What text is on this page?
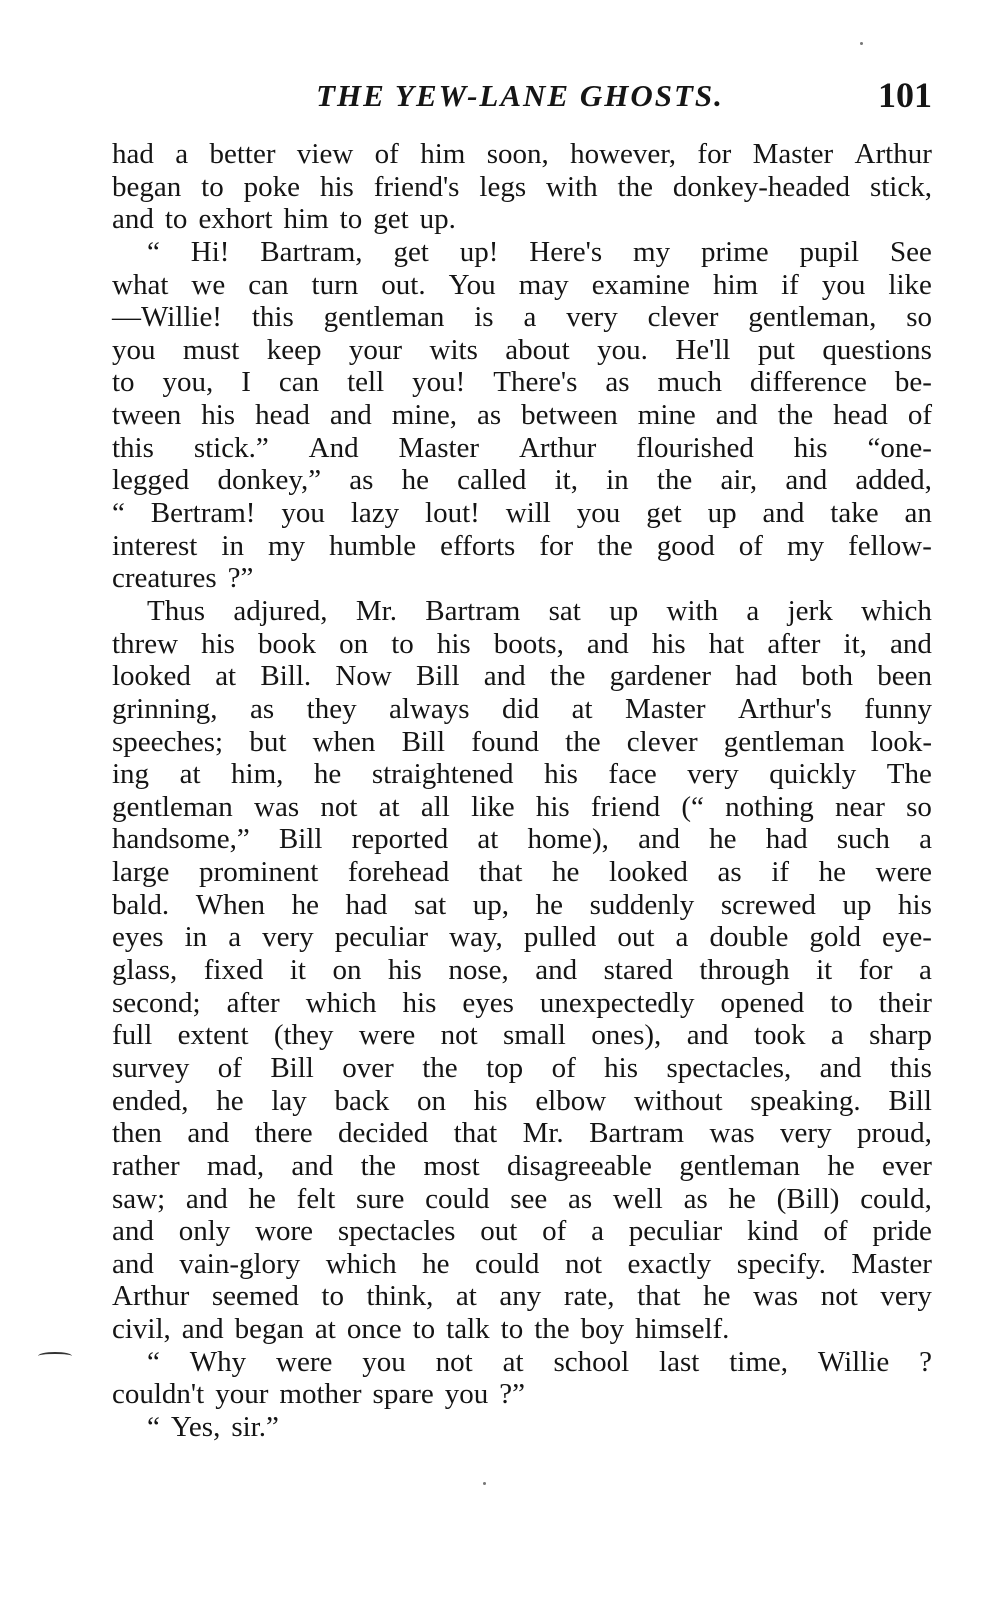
THE YEW-LANE GHOSTS.	101
had a better view of him soon, however, for Master Arthur
began to poke his friend's legs with the donkey-headed stick,
and to exhort him to get up.
“ Hi! Bartram, get up! Here's my prime pupil See
what we can turn out. You may examine him if you like
—Willie! this gentleman is a very clever gentleman, so
you must keep your wits about you. He'll put questions
to you, I can tell you! There's as much difference be-
tween his head and mine, as between mine and the head of
this stick.” And Master Arthur flourished his “one-
legged donkey,” as he called it, in the air, and added,
“ Bertram! you lazy lout! will you get up and take an
interest in my humble efforts for the good of my fellow-
creatures ?”
Thus adjured, Mr. Bartram sat up with a jerk which
threw his book on to his boots, and his hat after it, and
looked at Bill. Now Bill and the gardener had both been
grinning, as they always did at Master Arthur's funny
speeches; but when Bill found the clever gentleman look-
ing at him, he straightened his face very quickly The
gentleman was not at all like his friend (“ nothing near so
handsome,” Bill reported at home), and he had such a
large prominent forehead that he looked as if he were
bald. When he had sat up, he suddenly screwed up his
eyes in a very peculiar way, pulled out a double gold eye-
glass, fixed it on his nose, and stared through it for a
second; after which his eyes unexpectedly opened to their
full extent (they were not small ones), and took a sharp
survey of Bill over the top of his spectacles, and this
ended, he lay back on his elbow without speaking. Bill
then and there decided that Mr. Bartram was very proud,
rather mad, and the most disagreeable gentleman he ever
saw; and he felt sure could see as well as he (Bill) could,
and only wore spectacles out of a peculiar kind of pride
and vain-glory which he could not exactly specify. Master
Arthur seemed to think, at any rate, that he was not very
civil, and began at once to talk to the boy himself.
“ Why were you not at school last time, Willie ?
couldn't your mother spare you ?”
“ Yes, sir.”
